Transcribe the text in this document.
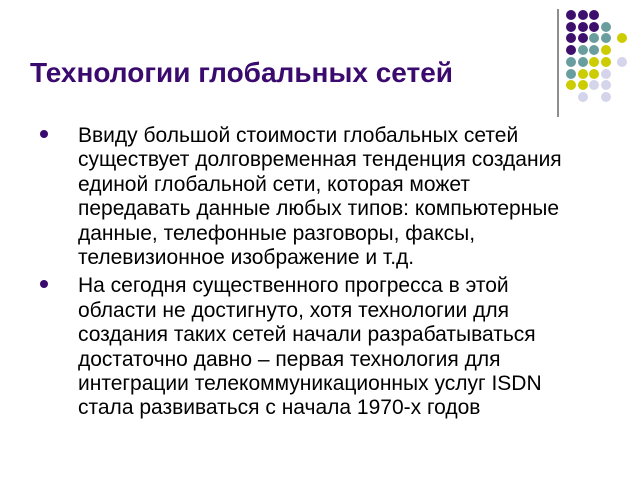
Технологии глобальных сетей
Ввиду большой стоимости глобальных сетей
существует долговременная тенденция создания
единой глобальной сети, которая может
передавать данные любых типов: компьютерные
данные, телефонные разговоры, факсы,
телевизионное изображение и т.д.
На сегодня существенного прогресса в этой
области не достигнуто, хотя технологии для
создания таких сетей начали разрабатываться
достаточно давно – первая технология для
интеграции телекоммуникационных услуг ISDN
стала развиваться с начала 1970-х годов
